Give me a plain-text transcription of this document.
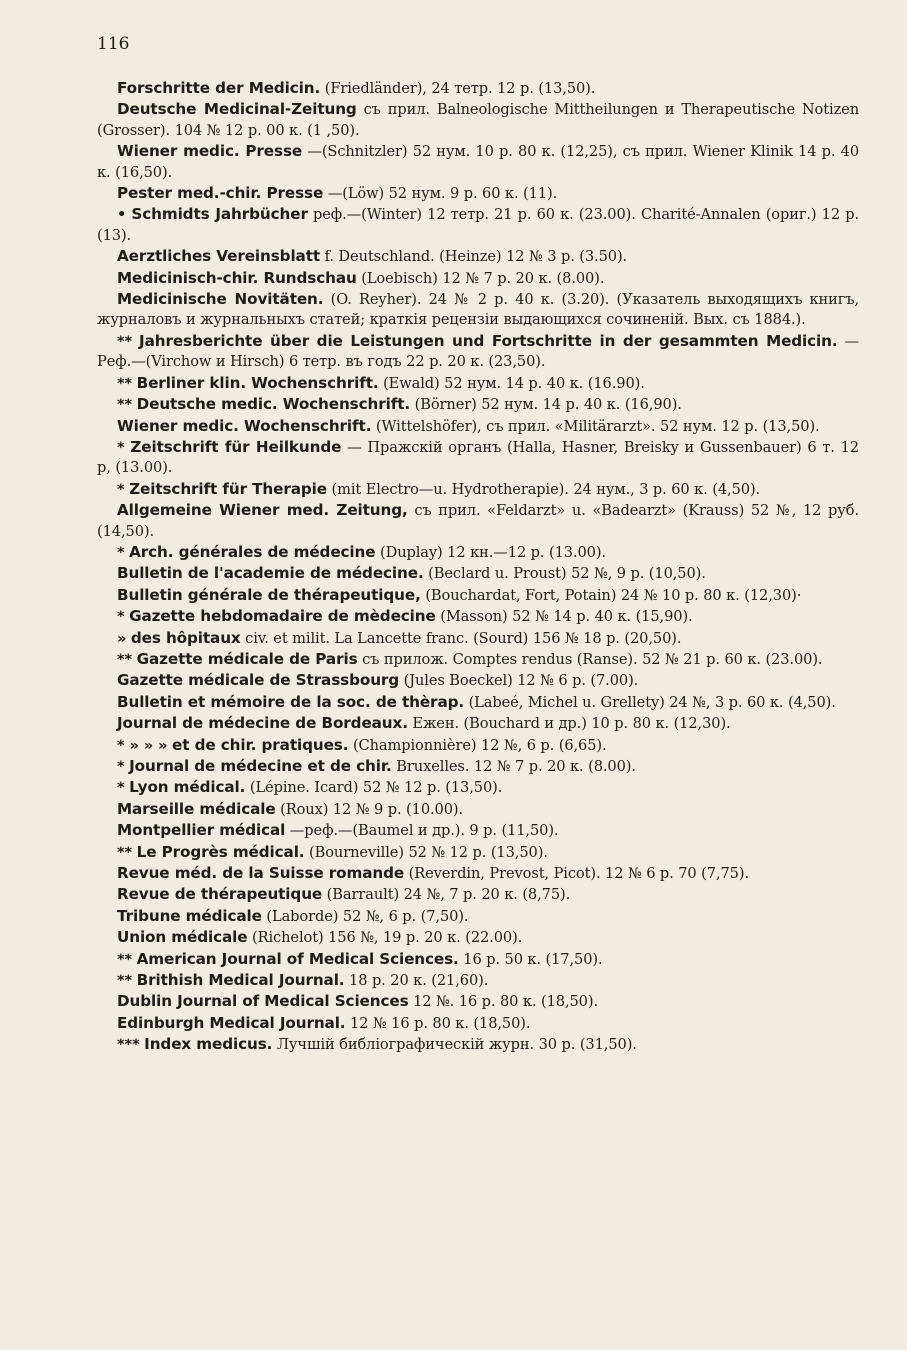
116
Forschritte der Medicin. (Friedländer), 24 тетр. 12 р. (13,50).
Deutsche Medicinal-Zeitung съ прил. Balneologische Mittheilungen и Therapeutische Notizen (Grosser). 104 № 12 р. 00 к. (1 ,50).
Wiener medic. Presse —(Schnitzler) 52 нум. 10 р. 80 к. (12,25), съ прил. Wiener Klinik 14 р. 40 к. (16,50).
Pester med.-chir. Presse —(Löw) 52 нум. 9 р. 60 к. (11).
• Schmidts Jahrbücher реф.—(Winter) 12 тетр. 21 р. 60 к. (23.00). Charité-Annalen (ориг.) 12 р. (13).
Aerztliches Vereinsblatt f. Deutschland. (Heinze) 12 № 3 р. (3.50).
Medicinisch-chir. Rundschau (Loebisch) 12 № 7 р. 20 к. (8.00).
Medicinische Novitäten. (O. Reyher). 24 № 2 р. 40 к. (3.20). (Указатель выходящихъ книгъ, журналовъ и журнальныхъ статей; краткія рецензіи выдающихся сочиненій. Вых. съ 1884.).
** Jahresberichte über die Leistungen und Fortschritte in der gesammten Medicin. —Реф.—(Virchow и Hirsch) 6 тетр. въ годъ 22 р. 20 к. (23,50).
** Berliner klin. Wochenschrift. (Ewald) 52 нум. 14 р. 40 к. (16.90).
** Deutsche medic. Wochenschrift. (Börner) 52 нум. 14 р. 40 к. (16,90).
Wiener medic. Wochenschrift. (Wittelshöfer), съ прил. «Militärarzt». 52 нум. 12 р. (13,50).
* Zeitschrift für Heilkunde — Пражскій органъ (Halla, Hasner, Breisky и Gussenbauer) 6 т. 12 р, (13.00).
* Zeitschrift für Therapie (mit Electro—u. Hydrotherapie). 24 нум., 3 р. 60 к. (4,50).
Allgemeine Wiener med. Zeitung, съ прил. «Feldarzt» u. «Badearzt» (Krauss) 52 №, 12 руб. (14,50).
* Arch. générales de médecine (Duplay) 12 кн.—12 р. (13.00).
Bulletin de l'academie de médecine. (Beclard u. Proust) 52 №, 9 р. (10,50).
Bulletin générale de thérapeutique, (Bouchardat, Fort, Potain) 24 № 10 р. 80 к. (12,30)·
* Gazette hebdomadaire de mèdecine (Masson) 52 № 14 р. 40 к. (15,90).
» des hôpitaux civ. et milit. La Lancette franc. (Sourd) 156 № 18 р. (20,50).
** Gazette médicale de Paris съ прилож. Comptes rendus (Ranse). 52 № 21 р. 60 к. (23.00).
Gazette médicale de Strassbourg (Jules Boeckel) 12 № 6 р. (7.00).
Bulletin et mémoire de la soc. de thèrap. (Labeé, Michel u. Grellety) 24 №, 3 р. 60 к. (4,50).
Journal de médecine de Bordeaux. Ежен. (Bouchard и др.) 10 р. 80 к. (12,30).
* » » » et de chir. pratiques. (Championnière) 12 №, 6 р. (6,65).
* Journal de médecine et de chir. Bruxelles. 12 № 7 р. 20 к. (8.00).
* Lyon médical. (Lépine. Icard) 52 № 12 р. (13,50).
Marseille médicale (Roux) 12 № 9 р. (10.00).
Montpellier médical —реф.—(Baumel и др.). 9 р. (11,50).
** Le Progrès médical. (Bourneville) 52 № 12 р. (13,50).
Revue méd. de la Suisse romande (Reverdin, Prevost, Picot). 12 № 6 р. 70 (7,75).
Revue de thérapeutique (Barrault) 24 №, 7 р. 20 к. (8,75).
Tribune médicale (Laborde) 52 №, 6 р. (7,50).
Union médicale (Richelot) 156 №, 19 р. 20 к. (22.00).
** American Journal of Medical Sciences. 16 р. 50 к. (17,50).
** Brithish Medical Journal. 18 р. 20 к. (21,60).
Dublin Journal of Medical Sciences 12 №. 16 р. 80 к. (18,50).
Edinburgh Medical Journal. 12 № 16 р. 80 к. (18,50).
*** Index medicus. Лучшій библіографическій журн. 30 р. (31,50).
